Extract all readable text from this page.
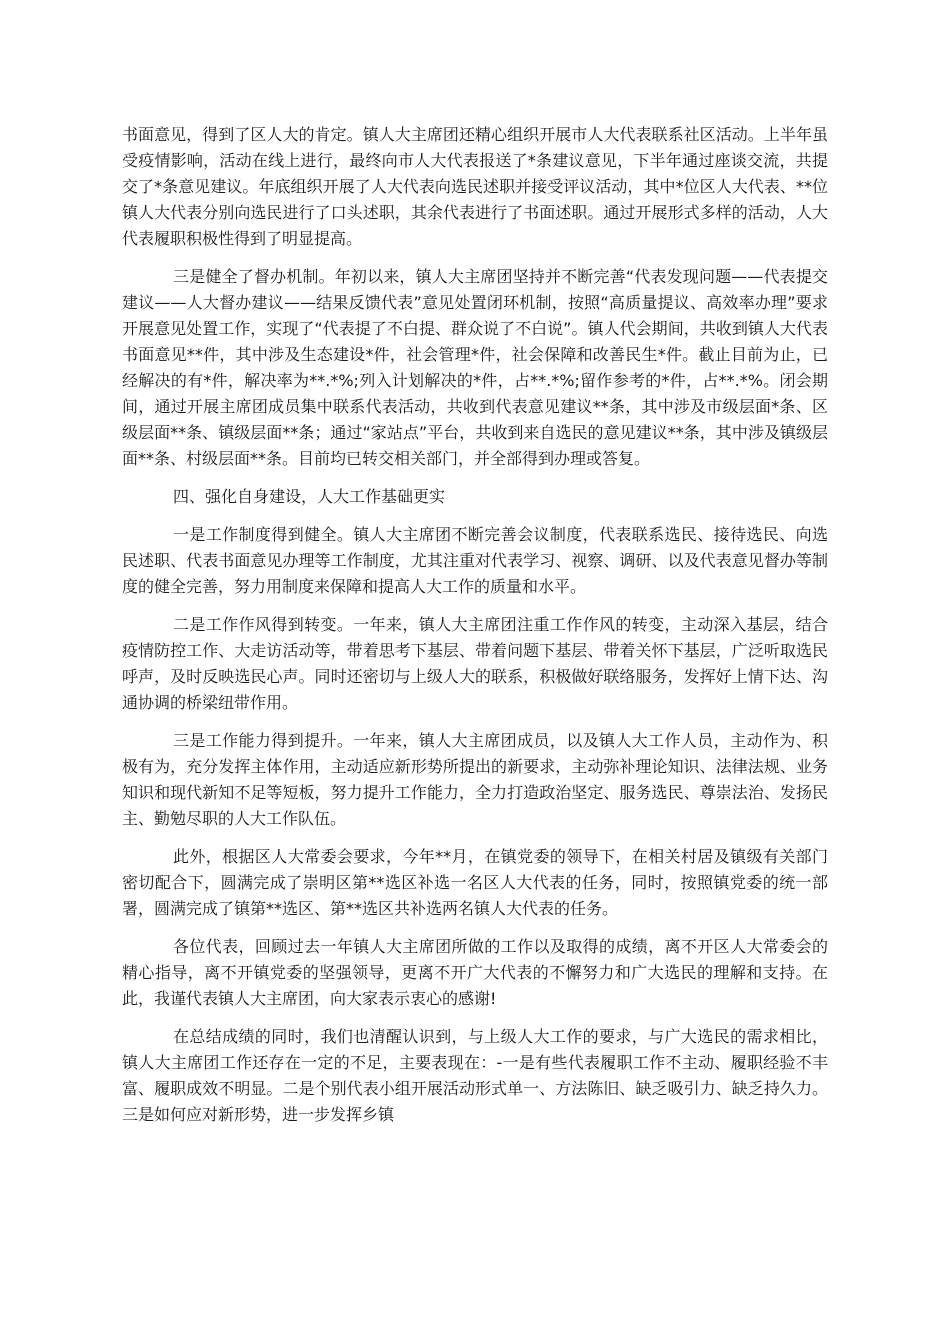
书面意见，得到了区人大的肯定。镇人大主席团还精心组织开展市人大代表联系社区活动。上半年虽受疫情影响，活动在线上进行，最终向市人大代表报送了*条建议意见，下半年通过座谈交流，共提交了*条意见建议。年底组织开展了人大代表向选民述职并接受评议活动，其中*位区人大代表、**位镇人大代表分别向选民进行了口头述职，其余代表进行了书面述职。通过开展形式多样的活动，人大代表履职积极性得到了明显提高。

三是健全了督办机制。年初以来，镇人大主席团坚持并不断完善“代表发现问题——代表提交建议——人大督办建议——结果反馈代表”意见处置闭环机制，按照“高质量提议、高效率办理”要求开展意见处置工作，实现了“代表提了不白提、群众说了不白说”。镇人代会期间，共收到镇人大代表书面意见**件，其中涉及生态建设*件，社会管理*件，社会保障和改善民生*件。截止目前为止，已经解决的有*件，解决率为**.*%;列入计划解决的*件，占**.*%;留作参考的*件，占**.*%。闭会期间，通过开展主席团成员集中联系代表活动，共收到代表意见建议**条，其中涉及市级层面*条、区级层面**条、镇级层面**条；通过“家站点”平台，共收到来自选民的意见建议**条，其中涉及镇级层面**条、村级层面**条。目前均已转交相关部门，并全部得到办理或答复。

四、强化自身建设，人大工作基础更实

一是工作制度得到健全。镇人大主席团不断完善会议制度，代表联系选民、接待选民、向选民述职、代表书面意见办理等工作制度，尤其注重对代表学习、视察、调研、以及代表意见督办等制度的健全完善，努力用制度来保障和提高人大工作的质量和水平。

二是工作作风得到转变。一年来，镇人大主席团注重工作作风的转变，主动深入基层，结合疫情防控工作、大走访活动等，带着思考下基层、带着问题下基层、带着关怀下基层，广泛听取选民呼声，及时反映选民心声。同时还密切与上级人大的联系，积极做好联络服务，发挥好上情下达、沟通协调的桥梁纽带作用。

三是工作能力得到提升。一年来，镇人大主席团成员，以及镇人大工作人员，主动作为、积极有为，充分发挥主体作用，主动适应新形势所提出的新要求，主动弥补理论知识、法律法规、业务知识和现代新知不足等短板，努力提升工作能力，全力打造政治坚定、服务选民、尊崇法治、发扬民主、勤勉尽职的人大工作队伍。

此外，根据区人大常委会要求，今年**月，在镇党委的领导下，在相关村居及镇级有关部门密切配合下，圆满完成了崇明区第**选区补选一名区人大代表的任务，同时，按照镇党委的统一部署，圆满完成了镇第**选区、第**选区共补选两名镇人大代表的任务。

各位代表，回顾过去一年镇人大主席团所做的工作以及取得的成绩，离不开区人大常委会的精心指导，离不开镇党委的坚强领导，更离不开广大代表的不懈努力和广大选民的理解和支持。在此，我谨代表镇人大主席团，向大家表示衷心的感谢!

在总结成绩的同时，我们也清醒认识到，与上级人大工作的要求，与广大选民的需求相比，镇人大主席团工作还存在一定的不足，主要表现在：-一是有些代表履职工作不主动、履职经验不丰富、履职成效不明显。二是个别代表小组开展活动形式单一、方法陈旧、缺乏吸引力、缺乏持久力。三是如何应对新形势，进一步发挥乡镇
